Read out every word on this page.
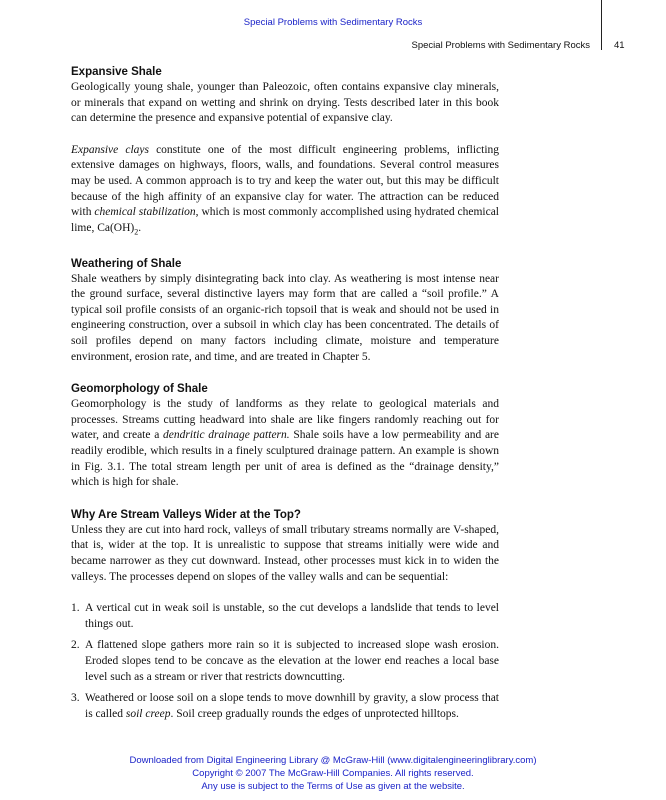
Special Problems with Sedimentary Rocks
Special Problems with Sedimentary Rocks	41
Expansive Shale

Geologically young shale, younger than Paleozoic, often contains expansive clay minerals, or minerals that expand on wetting and shrink on drying. Tests described later in this book can determine the presence and expansive potential of expansive clay.

Expansive clays constitute one of the most difficult engineering problems, inflicting extensive damages on highways, floors, walls, and foundations. Several control measures may be used. A common approach is to try and keep the water out, but this may be difficult because of the high affinity of an expansive clay for water. The attraction can be reduced with chemical stabilization, which is most commonly accomplished using hydrated chemical lime, $Ca(OH)_2$.

Weathering of Shale

Shale weathers by simply disintegrating back into clay. As weathering is most intense near the ground surface, several distinctive layers may form that are called a “soil profile.” A typical soil profile consists of an organic-rich topsoil that is weak and should not be used in engineering construction, over a subsoil in which clay has been concentrated. The details of soil profiles depend on many factors including climate, moisture and temperature environment, erosion rate, and time, and are treated in Chapter 5.

Geomorphology of Shale

Geomorphology is the study of landforms as they relate to geological materials and processes. Streams cutting headward into shale are like fingers randomly reaching out for water, and create a dendritic drainage pattern. Shale soils have a low permeability and are readily erodible, which results in a finely sculptured drainage pattern. An example is shown in Fig. 3.1. The total stream length per unit of area is defined as the “drainage density,” which is high for shale.

Why Are Stream Valleys Wider at the Top?

Unless they are cut into hard rock, valleys of small tributary streams normally are V-shaped, that is, wider at the top. It is unrealistic to suppose that streams initially were wide and became narrower as they cut downward. Instead, other processes must kick in to widen the valleys. The processes depend on slopes of the valley walls and can be sequential:

1. A vertical cut in weak soil is unstable, so the cut develops a landslide that tends to level things out.
2. A flattened slope gathers more rain so it is subjected to increased slope wash erosion. Eroded slopes tend to be concave as the elevation at the lower end reaches a local base level such as a stream or river that restricts downcutting.
3. Weathered or loose soil on a slope tends to move downhill by gravity, a slow process that is called soil creep. Soil creep gradually rounds the edges of unprotected hilltops.
Downloaded from Digital Engineering Library @ McGraw-Hill (www.digitalengineeringlibrary.com)
Copyright © 2007 The McGraw-Hill Companies. All rights reserved.
Any use is subject to the Terms of Use as given at the website.
